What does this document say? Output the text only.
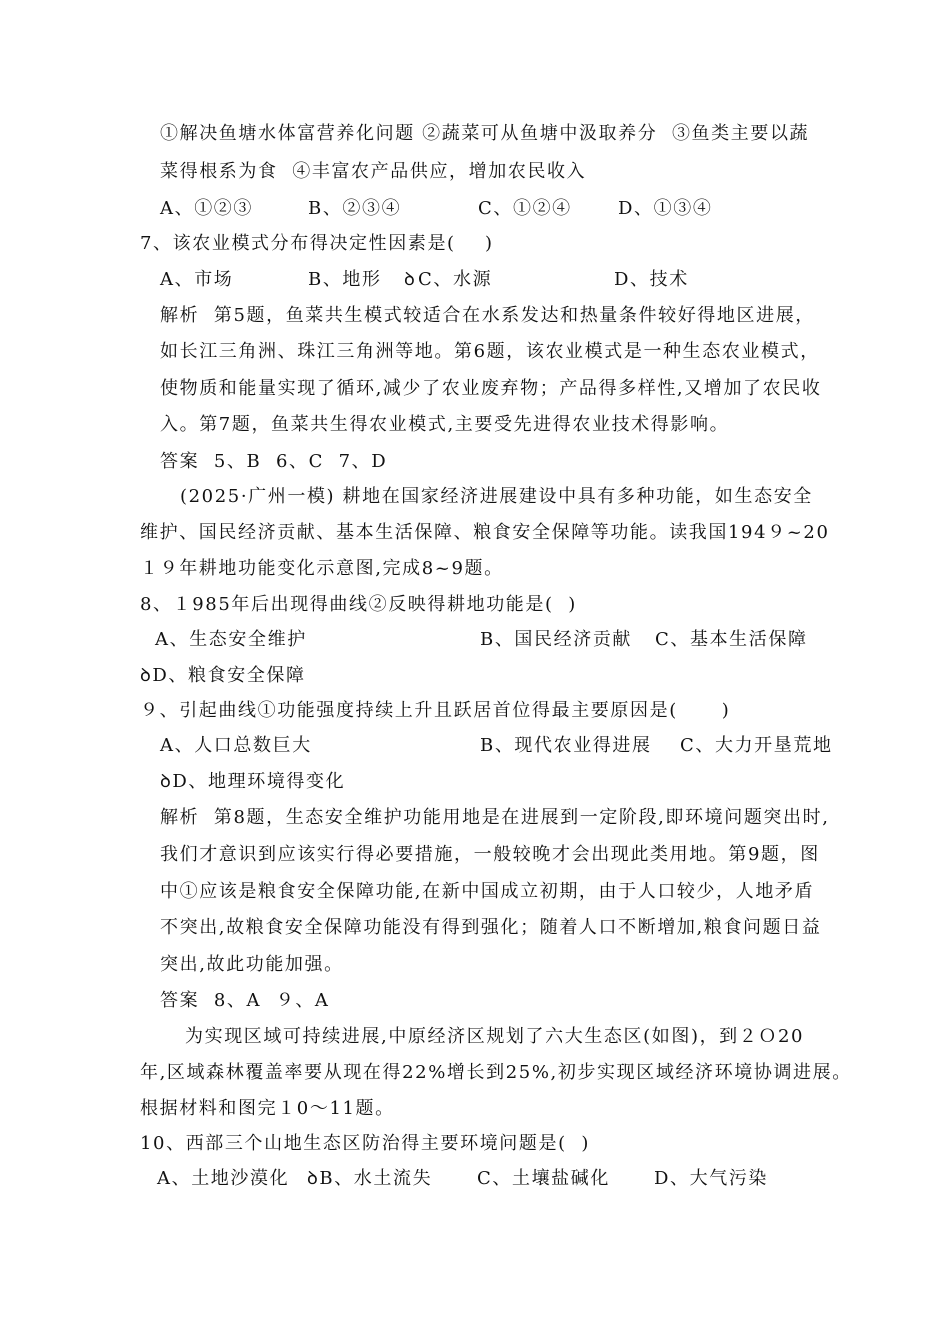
①解决鱼塘水体富营养化问题 ②蔬菜可从鱼塘中汲取养分  ③鱼类主要以蔬
菜得根系为食  ④丰富农产品供应，增加农民收入

A、①②③

	B、②③④

	C、①②④

	D、①③④

7、该农业模式分布得决定性因素是(    )

A、市场

	B、地形

ꝺ

C、水源

	D、技术

解析  第5题，鱼菜共生模式较适合在水系发达和热量条件较好得地区进展，
如长江三角洲、珠江三角洲等地。第6题，该农业模式是一种生态农业模式，
使物质和能量实现了循环,减少了农业废弃物；产品得多样性,又增加了农民收
入。第7题，鱼菜共生得农业模式,主要受先进得农业技术得影响。
答案  5、B  6、C  7、D
(2025·广州一模) 耕地在国家经济进展建设中具有多种功能，如生态安全
维护、国民经济贡献、基本生活保障、粮食安全保障等功能。读我国194９~20
１９年耕地功能变化示意图,完成8~9题。
8、１985年后出现得曲线②反映得耕地功能是(  )

A、生态安全维护

	B、国民经济贡献

C、基本生活保障

ꝺD、粮食安全保障
９、引起曲线①功能强度持续上升且跃居首位得最主要原因是(      )

A、人口总数巨大

	B、现代农业得进展

C、大力开垦荒地

ꝺD、地理环境得变化
解析  第8题，生态安全维护功能用地是在进展到一定阶段,即环境问题突出时,
我们才意识到应该实行得必要措施，一般较晚才会出现此类用地。第9题，图
中①应该是粮食安全保障功能,在新中国成立初期，由于人口较少，人地矛盾
不突出,故粮食安全保障功能没有得到强化；随着人口不断增加,粮食问题日益
突出,故此功能加强。
答案  8、A  ９、A
为实现区域可持续进展,中原经济区规划了六大生态区(如图)，到２Ｏ20
年,区域森林覆盖率要从现在得22%增长到25%,初步实现区域经济环境协调进展。
根据材料和图完１0～11题。
10、西部三个山地生态区防治得主要环境问题是(  )

A、土地沙漠化

ꝺB、水土流失

C、土壤盐碱化

D、大气污染
